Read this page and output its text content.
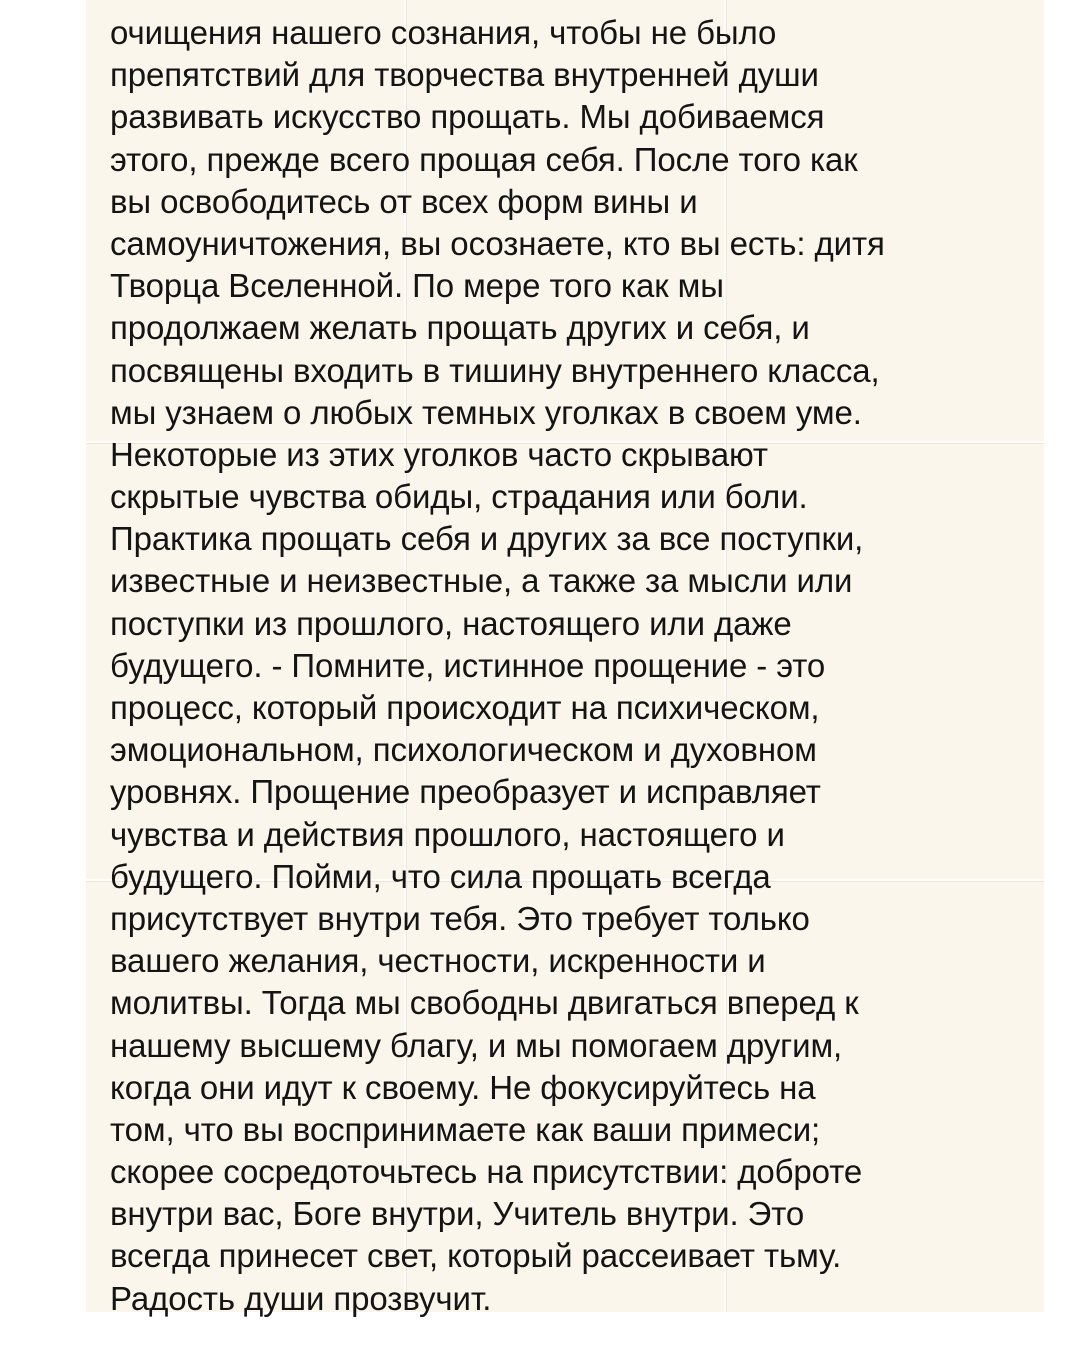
очищения нашего сознания, чтобы не было
препятствий для творчества внутренней души
развивать искусство прощать. Мы добиваемся
этого, прежде всего прощая себя. После того как
вы освободитесь от всех форм вины и
самоуничтожения, вы осознаете, кто вы есть: дитя
Творца Вселенной. По мере того как мы
продолжаем желать прощать других и себя, и
посвящены входить в тишину внутреннего класса,
мы узнаем о любых темных уголках в своем уме.
Некоторые из этих уголков часто скрывают
скрытые чувства обиды, страдания или боли.
Практика прощать себя и других за все поступки,
известные и неизвестные, а также за мысли или
поступки из прошлого, настоящего или даже
будущего. - Помните, истинное прощение - это
процесс, который происходит на психическом,
эмоциональном, психологическом и духовном
уровнях. Прощение преобразует и исправляет
чувства и действия прошлого, настоящего и
будущего. Пойми, что сила прощать всегда
присутствует внутри тебя. Это требует только
вашего желания, честности, искренности и
молитвы. Тогда мы свободны двигаться вперед к
нашему высшему благу, и мы помогаем другим,
когда они идут к своему. Не фокусируйтесь на
том, что вы воспринимаете как ваши примеси;
скорее сосредоточьтесь на присутствии: доброте
внутри вас, Боге внутри, Учитель внутри. Это
всегда принесет свет, который рассеивает тьму.
Радость души прозвучит.
